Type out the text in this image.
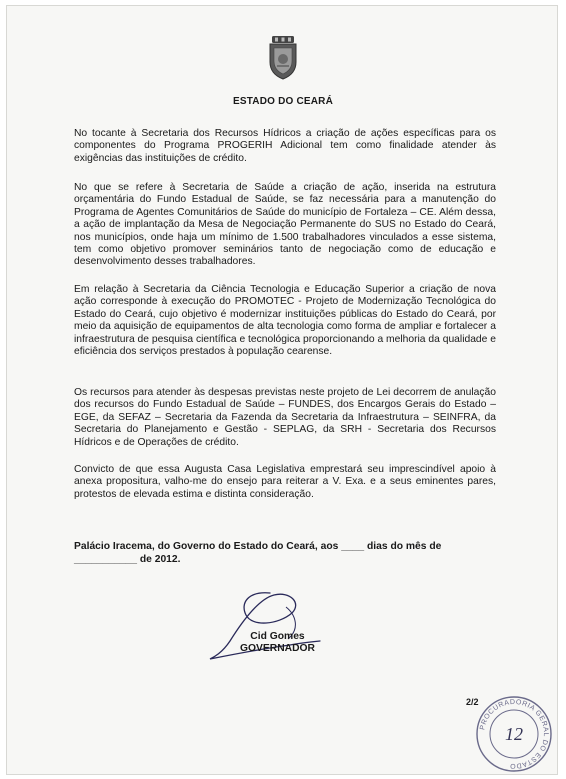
ESTADO DO CEARÁ

No tocante à Secretaria dos Recursos Hídricos a criação de ações específicas para os componentes do Programa PROGERIH Adicional tem como finalidade atender às exigências das instituições de crédito.

No que se refere à Secretaria de Saúde a criação de ação, inserida na estrutura orçamentária do Fundo Estadual de Saúde, se faz necessária para a manutenção do Programa de Agentes Comunitários de Saúde do município de Fortaleza – CE. Além dessa, a ação de implantação da Mesa de Negociação Permanente do SUS no Estado do Ceará, nos municípios, onde haja um mínimo de 1.500 trabalhadores vinculados a esse sistema, tem como objetivo promover seminários tanto de negociação como de educação e desenvolvimento desses trabalhadores.

Em relação à Secretaria da Ciência Tecnologia e Educação Superior a criação de nova ação corresponde à execução do PROMOTEC - Projeto de Modernização Tecnológica do Estado do Ceará, cujo objetivo é modernizar instituições públicas do Estado do Ceará, por meio da aquisição de equipamentos de alta tecnologia como forma de ampliar e fortalecer a infraestrutura de pesquisa científica e tecnológica proporcionando a melhoria da qualidade e eficiência dos serviços prestados à população cearense.

Os recursos para atender às despesas previstas neste projeto de Lei decorrem de anulação dos recursos do Fundo Estadual de Saúde – FUNDES, dos Encargos Gerais do Estado – EGE, da SEFAZ – Secretaria da Fazenda da Secretaria da Infraestrutura – SEINFRA, da Secretaria do Planejamento e Gestão - SEPLAG, da SRH - Secretaria dos Recursos Hídricos e de Operações de crédito.

Convicto de que essa Augusta Casa Legislativa emprestará seu imprescindível apoio à anexa propositura, valho-me do ensejo para reiterar a V. Exa. e a seus eminentes pares, protestos de elevada estima e distinta consideração.

Palácio Iracema, do Governo do Estado do Ceará, aos ____ dias do mês de ___________ de 2012.
Cid Gomes
GOVERNADOR
2/2
PROCURADORIA GERAL DO ESTADO
12
